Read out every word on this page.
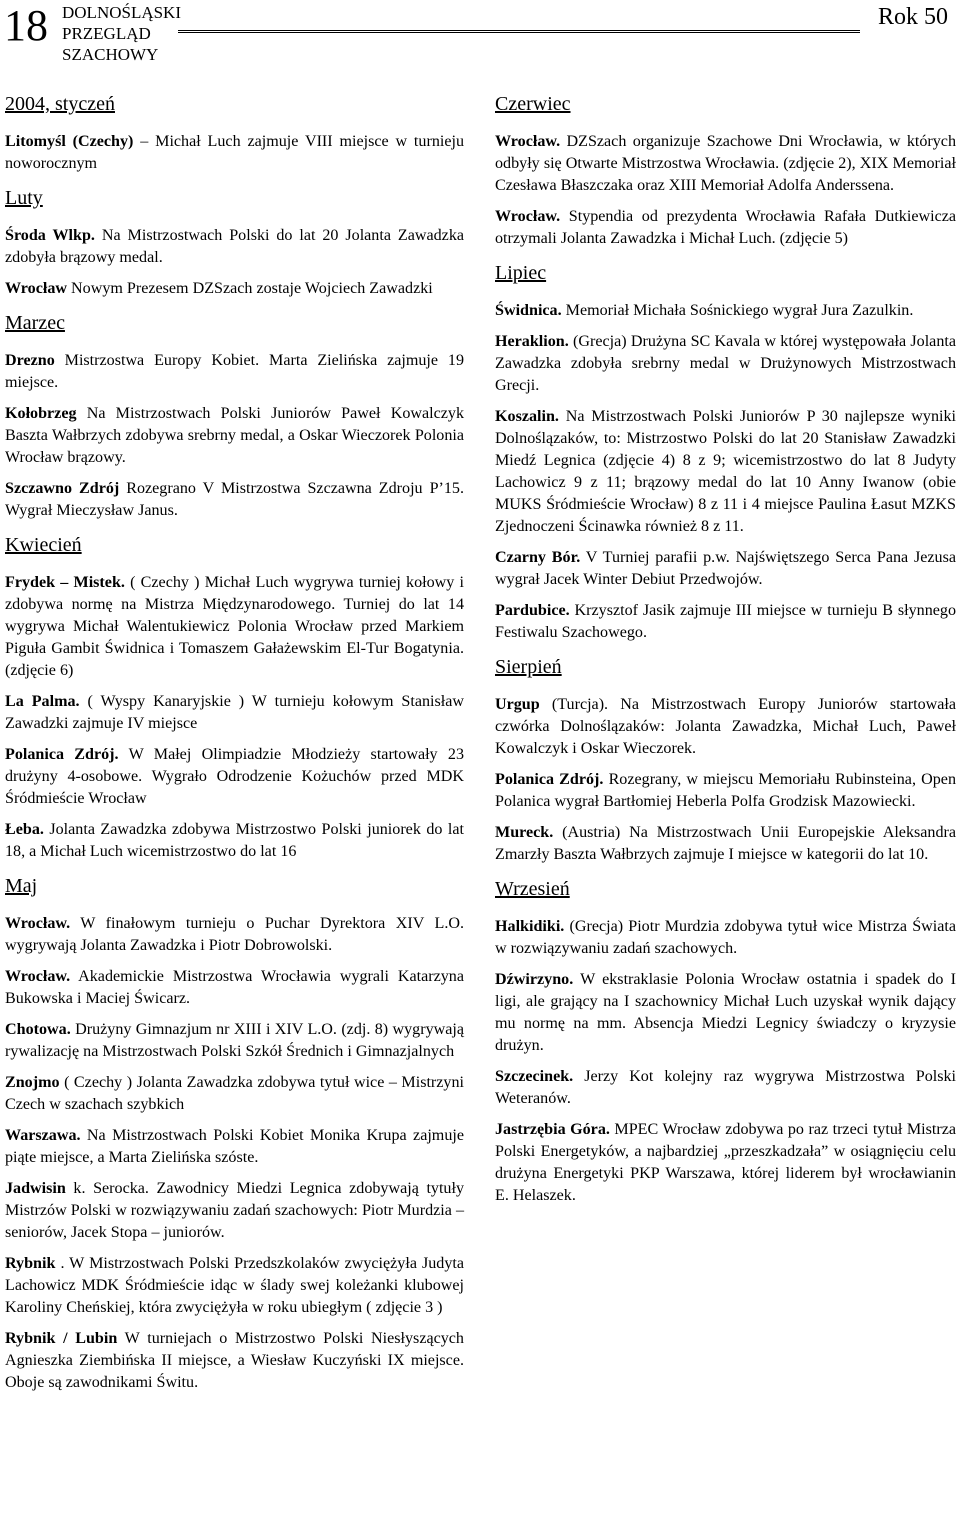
18 DOLNOŚLĄSKI
PRZEGLĄD
SZACHOWY
Rok 50
2004, styczeń

Litomyśl (Czechy) – Michał Luch zajmuje VIII miejsce w turnieju noworocznym

Luty

Środa Wlkp. Na Mistrzostwach Polski do lat 20 Jolanta Zawadzka zdobyła brązowy medal.

Wrocław Nowym Prezesem DZSzach zostaje Wojciech Zawadzki

Marzec

Drezno Mistrzostwa Europy Kobiet. Marta Zielińska zajmuje 19 miejsce.

Kołobrzeg Na Mistrzostwach Polski Juniorów Paweł Kowalczyk Baszta Wałbrzych zdobywa srebrny medal, a Oskar Wieczorek Polonia Wrocław brązowy.

Szczawno Zdrój Rozegrano V Mistrzostwa Szczawna Zdroju P’15. Wygrał Mieczysław Janus.

Kwiecień

Frydek – Mistek. ( Czechy ) Michał Luch wygrywa turniej kołowy i zdobywa normę na Mistrza Międzynarodowego. Turniej do lat 14 wygrywa Michał Walentukiewicz Polonia Wrocław przed Markiem Piguła Gambit Świdnica i Tomaszem Gałażewskim El-Tur Bogatynia. (zdjęcie 6)

La Palma. ( Wyspy Kanaryjskie ) W turnieju kołowym Stanisław Zawadzki zajmuje IV miejsce

Polanica Zdrój. W Małej Olimpiadzie Młodzieży startowały 23 drużyny 4-osobowe. Wygrało Odrodzenie Kożuchów przed MDK Śródmieście Wrocław

Łeba. Jolanta Zawadzka zdobywa Mistrzostwo Polski juniorek do lat 18, a Michał Luch wicemistrzostwo do lat 16

Maj

Wrocław. W finałowym turnieju o Puchar Dyrektora XIV L.O. wygrywają Jolanta Zawadzka i Piotr Dobrowolski.

Wrocław. Akademickie Mistrzostwa Wrocławia wygrali Katarzyna Bukowska i Maciej Świcarz.

Chotowa. Drużyny Gimnazjum nr XIII i XIV L.O. (zdj. 8) wygrywają rywalizację na Mistrzostwach Polski Szkół Średnich i Gimnazjalnych

Znojmo ( Czechy ) Jolanta Zawadzka zdobywa tytuł wice – Mistrzyni Czech w szachach szybkich

Warszawa. Na Mistrzostwach Polski Kobiet Monika Krupa zajmuje piąte miejsce, a Marta Zielińska szóste.

Jadwisin k. Serocka. Zawodnicy Miedzi Legnica zdobywają tytuły Mistrzów Polski w rozwiązywaniu zadań szachowych: Piotr Murdzia – seniorów, Jacek Stopa – juniorów.

Rybnik . W Mistrzostwach Polski Przedszkolaków zwyciężyła Judyta Lachowicz MDK Śródmieście idąc w ślady swej koleżanki klubowej Karoliny Cheńskiej, która zwyciężyła w roku ubiegłym ( zdjęcie 3 )

Rybnik / Lubin W turniejach o Mistrzostwo Polski Niesłyszących Agnieszka Ziembińska II miejsce, a Wiesław Kuczyński IX miejsce. Oboje są zawodnikami Świtu.

Czerwiec

Wrocław. DZSzach organizuje Szachowe Dni Wrocławia, w których odbyły się Otwarte Mistrzostwa Wrocławia. (zdjęcie 2), XIX Memoriał Czesława Błaszczaka oraz XIII Memoriał Adolfa Anderssena.

Wrocław. Stypendia od prezydenta Wrocławia Rafała Dutkiewicza otrzymali Jolanta Zawadzka i Michał Luch. (zdjęcie 5)

Lipiec

Świdnica. Memoriał Michała Sośnickiego wygrał Jura Zazulkin.

Heraklion. (Grecja) Drużyna SC Kavala w której występowała Jolanta Zawadzka zdobyła srebrny medal w Drużynowych Mistrzostwach Grecji.

Koszalin. Na Mistrzostwach Polski Juniorów P 30 najlepsze wyniki Dolnoślązaków, to: Mistrzostwo Polski do lat 20 Stanisław Zawadzki Miedź Legnica (zdjęcie 4) 8 z 9; wicemistrzostwo do lat 8 Judyty Lachowicz 9 z 11; brązowy medal do lat 10 Anny Iwanow (obie MUKS Śródmieście Wrocław) 8 z 11 i 4 miejsce Paulina Łasut MZKS Zjednoczeni Ścinawka również 8 z 11.

Czarny Bór. V Turniej parafii p.w. Najświętszego Serca Pana Jezusa wygrał Jacek Winter Debiut Przedwojów.

Pardubice. Krzysztof Jasik zajmuje III miejsce w turnieju B słynnego Festiwalu Szachowego.

Sierpień

Urgup (Turcja). Na Mistrzostwach Europy Juniorów startowała czwórka Dolnoślązaków: Jolanta Zawadzka, Michał Luch, Paweł Kowalczyk i Oskar Wieczorek.

Polanica Zdrój. Rozegrany, w miejscu Memoriału Rubinsteina, Open Polanica wygrał Bartłomiej Heberla Polfa Grodzisk Mazowiecki.

Mureck. (Austria) Na Mistrzostwach Unii Europejskie Aleksandra Zmarzły Baszta Wałbrzych zajmuje I miejsce w kategorii do lat 10.

Wrzesień

Halkidiki. (Grecja) Piotr Murdzia zdobywa tytuł wice Mistrza Świata w rozwiązywaniu zadań szachowych.

Dźwirzyno. W ekstraklasie Polonia Wrocław ostatnia i spadek do I ligi, ale grający na I szachownicy Michał Luch uzyskał wynik dający mu normę na mm. Absencja Miedzi Legnicy świadczy o kryzysie drużyn.

Szczecinek. Jerzy Kot kolejny raz wygrywa Mistrzostwa Polski Weteranów.

Jastrzębia Góra. MPEC Wrocław zdobywa po raz trzeci tytuł Mistrza Polski Energetyków, a najbardziej „przeszkadzała” w osiągnięciu celu drużyna Energetyki PKP Warszawa, której liderem był wrocławianin E. Helaszek.
